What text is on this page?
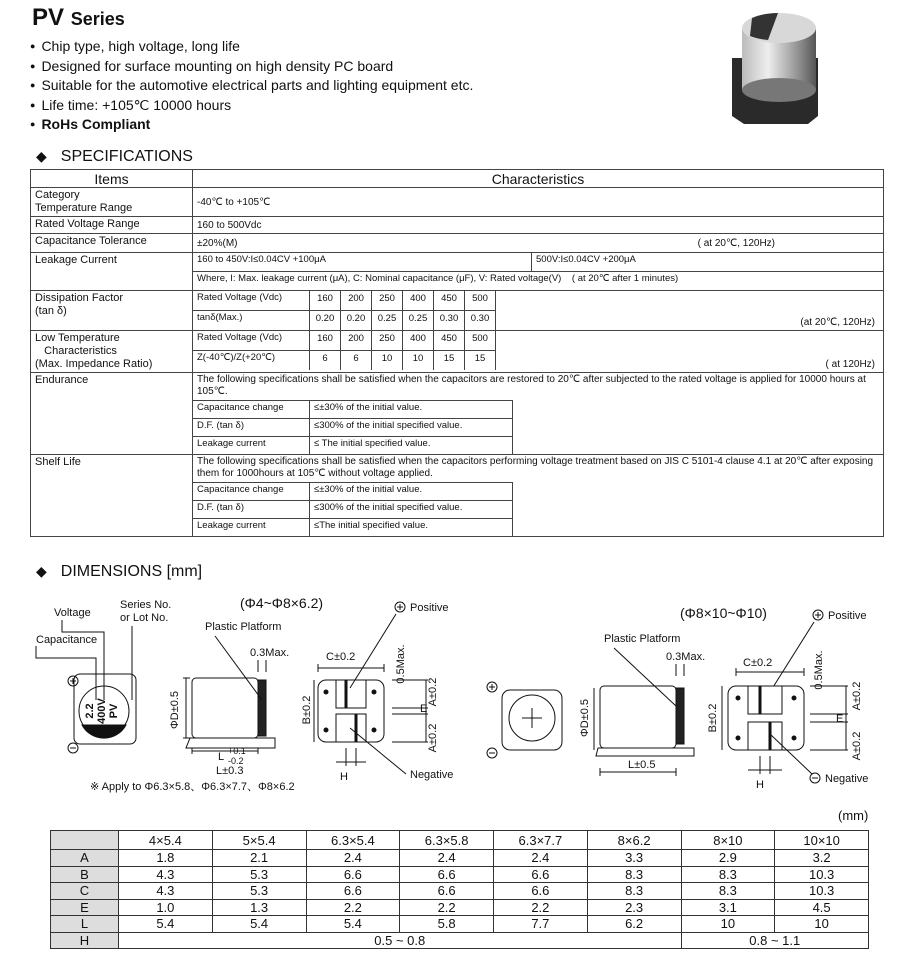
PV Series
● Chip type, high voltage, long life
● Designed for surface mounting on high density PC board
● Suitable for the automotive electrical parts and lighting equipment etc.
● Life time: +105℃ 10000 hours
● RoHs Compliant
◆ SPECIFICATIONS
Items	Characteristics
Category
Temperature Range	-40℃ to +105℃
Rated Voltage Range	160 to 500Vdc
Capacitance Tolerance	±20%(M)	( at 20℃, 120Hz)

Leakage Current		160 to 450V:I≤0.04CV +100μA	500V:I≤0.04CV +200μA
Where, I: Max. leakage current (μA), C: Nominal capacitance (μF), V: Rated voltage(V) ( at 20℃ after 1 minutes)

Dissipation Factor
(tan δ)	
Rated Voltage (Vdc)	160	200	250	400	450	500
tanδ(Max.)	0.20	0.20	0.25	0.25	0.30	0.30	(at 20℃, 120Hz)

Low Temperature
Characteristics
(Max. Impedance Ratio)	
Rated Voltage (Vdc)	160	200	250	400	450	500
Z(-40℃)/Z(+20℃)	6	6	10	10	15	15
( at 120Hz)

Endurance	The following specifications shall be satisfied when the capacitors are restored to 20℃ after subjected to the rated voltage is applied for 10000 hours at 105℃.
Capacitance change	≤±30% of the initial value.
D.F. (tan δ)	≤300% of the initial specified value.
Leakage current	≤ The initial specified value.

Shelf Life	The following specifications shall be satisfied when the capacitors performing voltage treatment based on JIS C 5101-4 clause 4.1 at 20℃ after exposing them for 1000hours at 105℃ without voltage applied.
Capacitance change	≤±30% of the initial value.
D.F. (tan δ)	≤300% of the initial specified value.
Leakage current	≤The initial specified value.
◆ DIMENSIONS [mm]
Voltage
Series No.
or Lot No.
Capacitance
2.2 400V PV
(Φ4~Φ8×6.2)
Plastic Platform
0.3Max.
ΦD±0.5
L +0.1
-0.2
L±0.3
C±0.2	0.5Max.
B±0.2	E
A±0.2
A±0.2
Positive
Negative
H
※ Apply to Φ6.3×5.8、Φ6.3×7.7、Φ8×6.2
(Φ8×10~Φ10)	Positive
Plastic Platform
0.3Max.	C±0.2	0.5Max.
ΦD±0.5
L±0.5
B±0.2	E
A±0.2
A±0.2
Negative
H
(mm)
	4×5.4	5×5.4	6.3×5.4	6.3×5.8	6.3×7.7	8×6.2	8×10	10×10
A	1.8	2.1	2.4	2.4	2.4	3.3	2.9	3.2
B	4.3	5.3	6.6	6.6	6.6	8.3	8.3	10.3
C	4.3	5.3	6.6	6.6	6.6	8.3	8.3	10.3
E	1.0	1.3	2.2	2.2	2.2	2.3	3.1	4.5
L	5.4	5.4	5.4	5.8	7.7	6.2	10	10
H	0.5 ~ 0.8						0.8 ~ 1.1	
